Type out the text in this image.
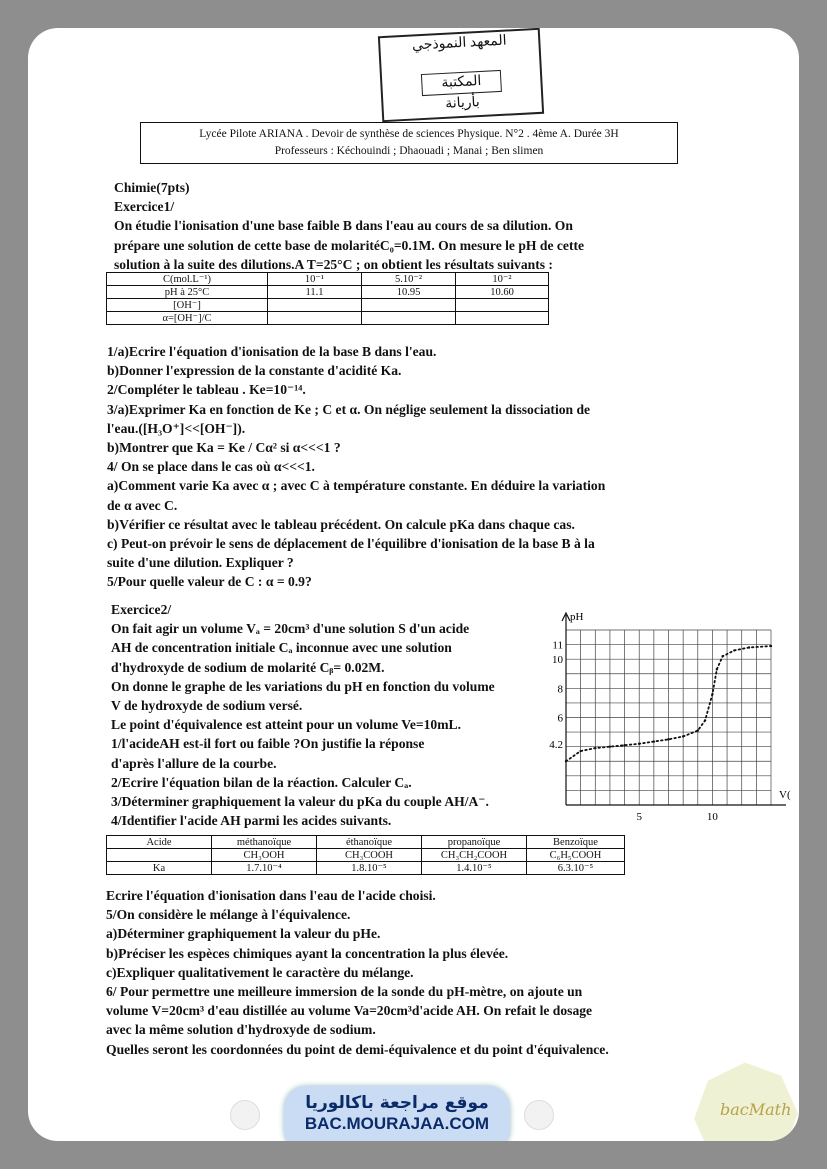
المعهد النموذجي
المكتبة
بأريانة
Lycée Pilote ARIANA . Devoir de synthèse de sciences Physique. N°2 . 4ème A. Durée 3H
Professeurs : Kéchouindi ; Dhaouadi ; Manai ; Ben slimen
Chimie(7pts)
Exercice1/
On étudie l'ionisation d'une base faible B dans l'eau au cours de sa dilution. On
prépare une solution de cette base de molaritéC₀=0.1M. On mesure le pH de cette
solution à la suite des dilutions.A T=25°C ; on obtient les résultats suivants :
C(mol.L⁻¹)	10⁻¹	5.10⁻²	10⁻²
pH à 25°C	11.1	10.95	10.60
[OH⁻]			
α=[OH⁻]/C			
1/a)Ecrire l'équation d'ionisation de la base B dans l'eau.
b)Donner l'expression de la constante d'acidité Ka.
2/Compléter le tableau . Ke=10⁻¹⁴.
3/a)Exprimer Ka en fonction de Ke ; C et α. On néglige seulement la dissociation de
l'eau.([H₃O⁺]<<[OH⁻]).
b)Montrer que Ka = Ke / Cα² si α<<<1 ?
4/ On se place dans le cas où α<<<1.
a)Comment varie Ka avec α ; avec C à température constante. En déduire la variation
de α avec C.
b)Vérifier ce résultat avec le tableau précédent. On calcule pKa dans chaque cas.
c) Peut-on prévoir le sens de déplacement de l'équilibre d'ionisation de la base B à la
suite d'une dilution. Expliquer ?
5/Pour quelle valeur de C : α = 0.9?
Exercice2/
On fait agir un volume Vₐ = 20cm³ d'une solution S d'un acide
AH de concentration initiale Cₐ inconnue avec une solution
d'hydroxyde de sodium de molarité Cᵦ= 0.02M.
On donne le graphe de les variations du pH en fonction du volume
V de hydroxyde de sodium versé.
Le point d'équivalence est atteint pour un volume Ve=10mL.
1/l'acideAH est-il fort ou faible ?On justifie la réponse
d'après l'allure de la courbe.
2/Ecrire l'équation bilan de la réaction. Calculer Cₐ.
3/Déterminer graphiquement la valeur du pKa du couple AH/A⁻.
4/Identifier l'acide AH parmi les acides suivants.
11
10
8
6
4.2
5	10
pH
V(
Acide	méthanoïque	éthanoïque	propanoïque	Benzoïque
	CH₃OOH	CH₃COOH	CH₃CH₂COOH	C₆H₅COOH
Ka	1.7.10⁻⁴	1.8.10⁻⁵	1.4.10⁻⁵	6.3.10⁻⁵
Ecrire l'équation d'ionisation dans l'eau de l'acide choisi.
5/On considère le mélange à l'équivalence.
a)Déterminer graphiquement la valeur du pHe.
b)Préciser les espèces chimiques ayant la concentration la plus élevée.
c)Expliquer qualitativement le caractère du mélange.
6/ Pour permettre une meilleure immersion de la sonde du pH-mètre, on ajoute un
volume V=20cm³ d'eau distillée au volume Va=20cm³d'acide AH. On refait le dosage
avec la même solution d'hydroxyde de sodium.
Quelles seront les coordonnées du point de demi-équivalence et du point d'équivalence.
موقع مراجعة باكالوريا
BAC.MOURAJAA.COM
bacMath
